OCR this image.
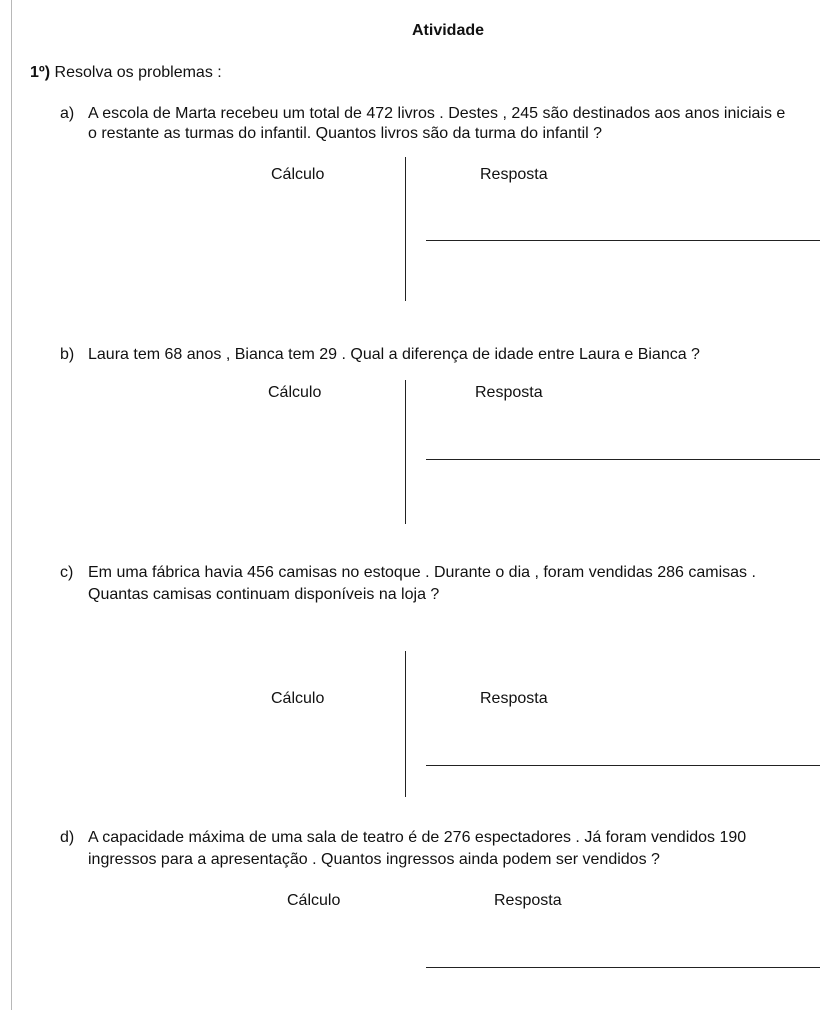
Atividade
1º) Resolva os problemas :
a) A escola de Marta recebeu um total de 472 livros . Destes , 245 são destinados aos anos iniciais e
o restante as turmas do infantil. Quantos livros são da turma do infantil ?
Cálculo	Resposta
b) Laura tem 68 anos , Bianca tem 29 . Qual a diferença de idade entre Laura e Bianca ?
Cálculo	Resposta
c) Em uma fábrica havia 456 camisas no estoque . Durante o dia , foram vendidas 286 camisas .
Quantas camisas continuam disponíveis na loja ?
Cálculo	Resposta
d) A capacidade máxima de uma sala de teatro é de 276 espectadores . Já foram vendidos 190
ingressos para a apresentação . Quantos ingressos ainda podem ser vendidos ?
Cálculo	Resposta
